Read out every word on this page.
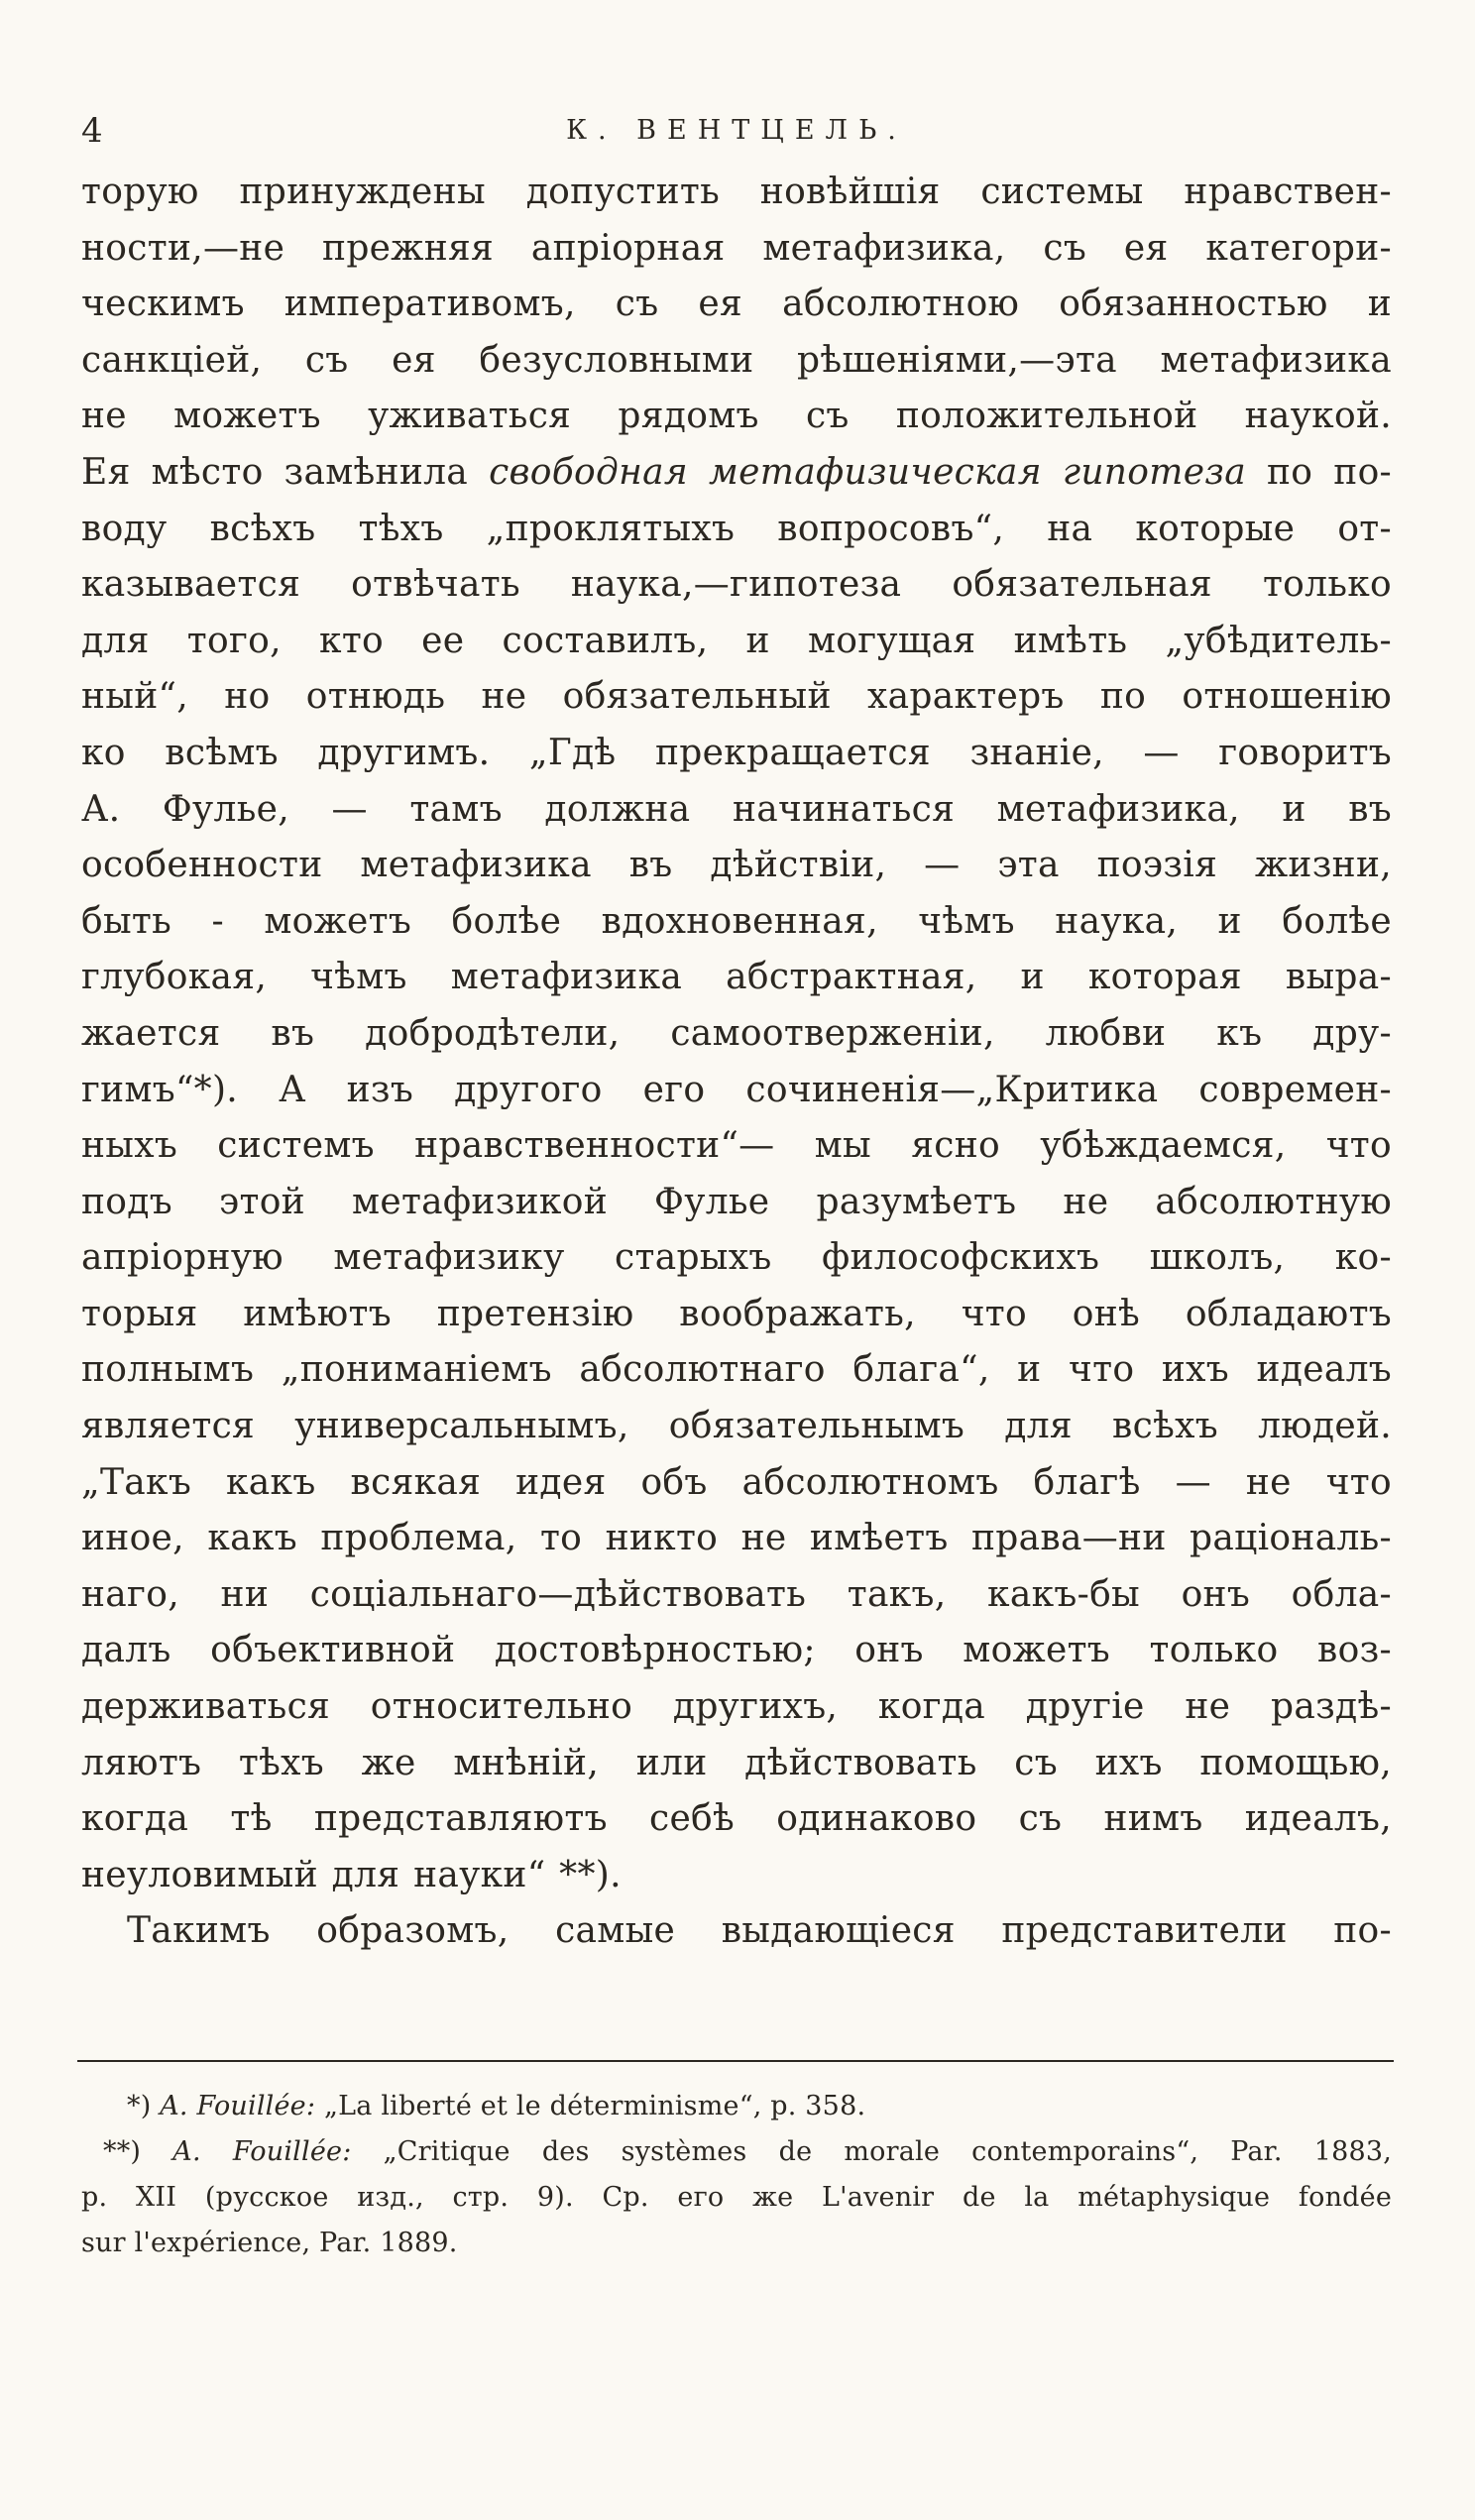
4	К. ВЕНТЦЕЛЬ.
торую принуждены допустить новѣйшія системы нравствен-
ности,—не прежняя апріорная метафизика, съ ея категори-
ческимъ императивомъ, съ ея абсолютною обязанностью и
санкціей, съ ея безусловными рѣшеніями,—эта метафизика
не можетъ уживаться рядомъ съ положительной наукой.
Ея мѣсто замѣнила свободная метафизическая гипотеза по по-
воду всѣхъ тѣхъ „проклятыхъ вопросовъ“, на которые от-
казывается отвѣчать наука,—гипотеза обязательная только
для того, кто ее составилъ, и могущая имѣть „убѣдитель-
ный“, но отнюдь не обязательный характеръ по отношенію
ко всѣмъ другимъ. „Гдѣ прекращается знаніе, — говоритъ
А. Фулье, — тамъ должна начинаться метафизика, и въ
особенности метафизика въ дѣйствіи, — эта поэзія жизни,
быть - можетъ болѣе вдохновенная, чѣмъ наука, и болѣе
глубокая, чѣмъ метафизика абстрактная, и которая выра-
жается въ добродѣтели, самоотверженіи, любви къ дру-
гимъ“*). А изъ другого его сочиненія—„Критика современ-
ныхъ системъ нравственности“— мы ясно убѣждаемся, что
подъ этой метафизикой Фулье разумѣетъ не абсолютную
апріорную метафизику старыхъ философскихъ школъ, ко-
торыя имѣютъ претензію воображать, что онѣ обладаютъ
полнымъ „пониманіемъ абсолютнаго блага“, и что ихъ идеалъ
является универсальнымъ, обязательнымъ для всѣхъ людей.
„Такъ какъ всякая идея объ абсолютномъ благѣ — не что
иное, какъ проблема, то никто не имѣетъ права—ни раціональ-
наго, ни соціальнаго—дѣйствовать такъ, какъ-бы онъ обла-
далъ объективной достовѣрностью; онъ можетъ только воз-
держиваться относительно другихъ, когда другіе не раздѣ-
ляютъ тѣхъ же мнѣній, или дѣйствовать съ ихъ помощью,
когда тѣ представляютъ себѣ одинаково съ нимъ идеалъ,
неуловимый для науки“ **).
Такимъ образомъ, самые выдающіеся представители по-
*) A. Fouillée: „La liberté et le déterminisme“, p. 358.
**) A. Fouillée: „Critique des systèmes de morale contemporains“, Par. 1883,
p. XII (русское изд., стр. 9). Ср. его же L'avenir de la métaphysique fondée
sur l'expérience, Par. 1889.
